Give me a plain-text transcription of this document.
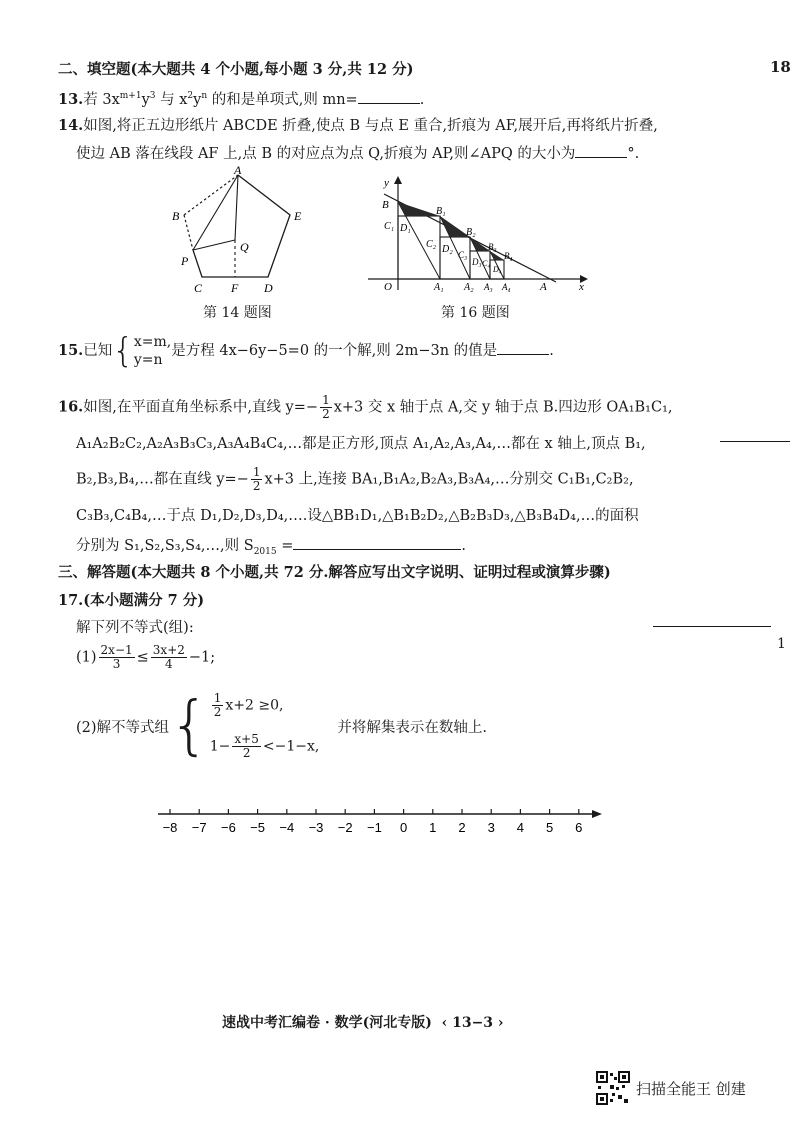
18
二、填空题(本大题共 4 个小题,每小题 3 分,共 12 分)
13.若 $3x^{m+1}y^3$ 与 $x^2y^n$ 的和是单项式,则 mn=	.
14.如图,将正五边形纸片 ABCDE 折叠,使点 B 与点 E 重合,折痕为 AF,展开后,再将纸片折叠,
使边 AB 落在线段 AF 上,点 B 的对应点为点 Q,折痕为 AP,则∠APQ 的大小为	°.
A
B
C	D
E
F
P
Q
第 14 题图
y
x
O	A
B
B₁
B₂
B₃
B₄
C₁
C₂
C₃
C₄
D₁
D₂
D₃
D₄
A₁ A₂ A₃ A₄
第 16 题图
15.已知{ x=m,
y=n
是方程 4x−6y−5=0 的一个解,则 2m−3n 的值是	.
16.如图,在平面直角坐标系中,直线 $y=- \frac{1}{2} x+3$ 交 x 轴于点 A,交 y 轴于点 B.四边形 OA₁B₁C₁,
A₁A₂B₂C₂,A₂A₃B₃C₃,A₃A₄B₄C₄,…都是正方形,顶点 A₁,A₂,A₃,A₄,…都在 x 轴上,顶点 B₁,
B₂,B₃,B₄,…都在直线 $y=- \frac{1}{2} x+3$ 上,连接 BA₁,B₁A₂,B₂A₃,B₃A₄,…分别交 C₁B₁,C₂B₂,
C₃B₃,C₄B₄,…于点 D₁,D₂,D₃,D₄,….设△BB₁D₁,△B₁B₂D₂,△B₂B₃D₃,△B₃B₄D₄,…的面积
分别为 S₁,S₂,S₃,S₄,…,则 $S_{2015}$ =	.
三、解答题(本大题共 8 个小题,共 72 分.解答应写出文字说明、证明过程或演算步骤)
17.(本小题满分 7 分)
解下列不等式(组):
$(1) \frac{2x-1}{3} \le \frac{3x+2}{4} -1$;
(2)解不等式组{ $\frac{1}{2} x+2 \ge 0$,
$1- \frac{x+5}{2} <-1-x$,
并将解集表示在数轴上.
−8 −7 −6 −5 −4 −3 −2 −1 0 1 2 3 4 5 6
速战中考汇编卷 · 数学(河北专版) ‹ 13−3 ›
1
扫描全能王 创建
